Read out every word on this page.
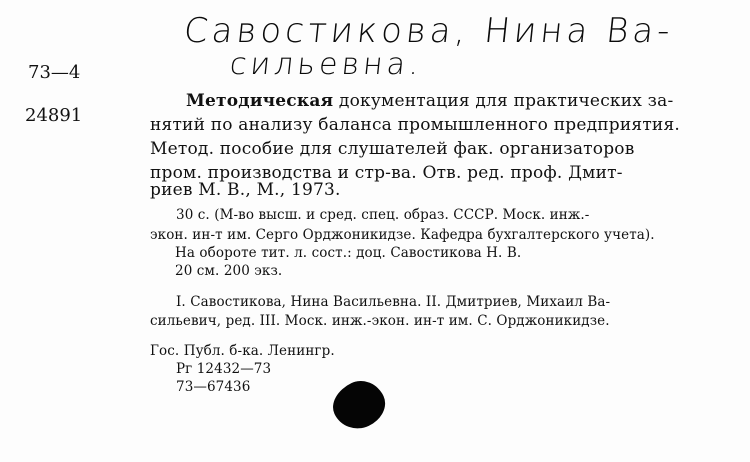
Савостикова, Нина Ва-
сильевна.
73—4
24891
Методическая документация для практических за-
нятий по анализу баланса промышленного предприятия.
Метод. пособие для слушателей фак. организаторов
пром. производства и стр-ва. Отв. ред. проф. Дмит-
риев М. В., М., 1973.
30 с. (М-во высш. и сред. спец. образ. СССР. Моск. инж.-
экон. ин-т им. Серго Орджоникидзе. Кафедра бухгалтерского учета).
На обороте тит. л. сост.: доц. Савостикова Н. В.
20 см. 200 экз.
I. Савостикова, Нина Васильевна. II. Дмитриев, Михаил Ва-
сильевич, ред. III. Моск. инж.-экон. ин-т им. С. Орджоникидзе.
Гос. Публ. б-ка. Ленингр.
Рг 12432—73
73—67436
